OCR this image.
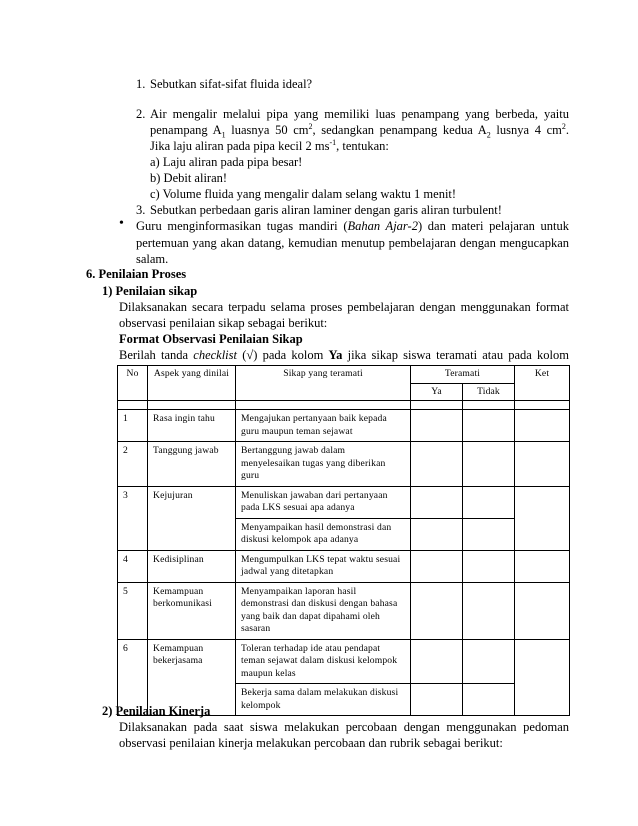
1. Sebutkan sifat-sifat fluida ideal?
2. Air mengalir melalui pipa yang memiliki luas penampang yang berbeda, yaitu
penampang $A_1$ luasnya 50 $cm^2$, sedangkan penampang kedua $A_2$ lusnya 4 $cm^2$.
Jika laju aliran pada pipa kecil 2 $ms^{-1}$, tentukan:
a) Laju aliran pada pipa besar!
b) Debit aliran!
c) Volume fluida yang mengalir dalam selang waktu 1 menit!
3. Sebutkan perbedaan garis aliran laminer dengan garis aliran turbulent!
• Guru menginformasikan tugas mandiri (Bahan Ajar-2) dan materi pelajaran untuk
pertemuan yang akan datang, kemudian menutup pembelajaran dengan mengucapkan
salam.
6. Penilaian Proses
1) Penilaian sikap
Dilaksanakan secara terpadu selama proses pembelajaran dengan menggunakan format
observasi penilaian sikap sebagai berikut:
Format Observasi Penilaian Sikap
Berilah tanda checklist (√) pada kolom Ya jika sikap siswa teramati atau pada kolom
No	Aspek yang dinilai	Sikap yang teramati	Teramati		Ket
			Ya	Tidak	

1	Rasa ingin tahu	Mengajukan pertanyaan baik kepada guru maupun teman sejawat			
2	Tanggung jawab	Bertanggung jawab dalam menyelesaikan tugas yang diberikan guru			
3	Kejujuran	Menuliskan jawaban dari pertanyaan pada LKS sesuai apa adanya			
		Menyampaikan hasil demonstrasi dan diskusi kelompok apa adanya			
4	Kedisiplinan	Mengumpulkan LKS tepat waktu sesuai jadwal yang ditetapkan			
5	Kemampuan berkomunikasi	Menyampaikan laporan hasil demonstrasi dan diskusi dengan bahasa yang baik dan dapat dipahami oleh sasaran			
6	Kemampuan bekerjasama	Toleran terhadap ide atau pendapat teman sejawat dalam diskusi kelompok maupun kelas			
		Bekerja sama dalam melakukan diskusi kelompok			
2) Penilaian Kinerja
Dilaksanakan pada saat siswa melakukan percobaan dengan menggunakan pedoman
observasi penilaian kinerja melakukan percobaan dan rubrik sebagai berikut:
